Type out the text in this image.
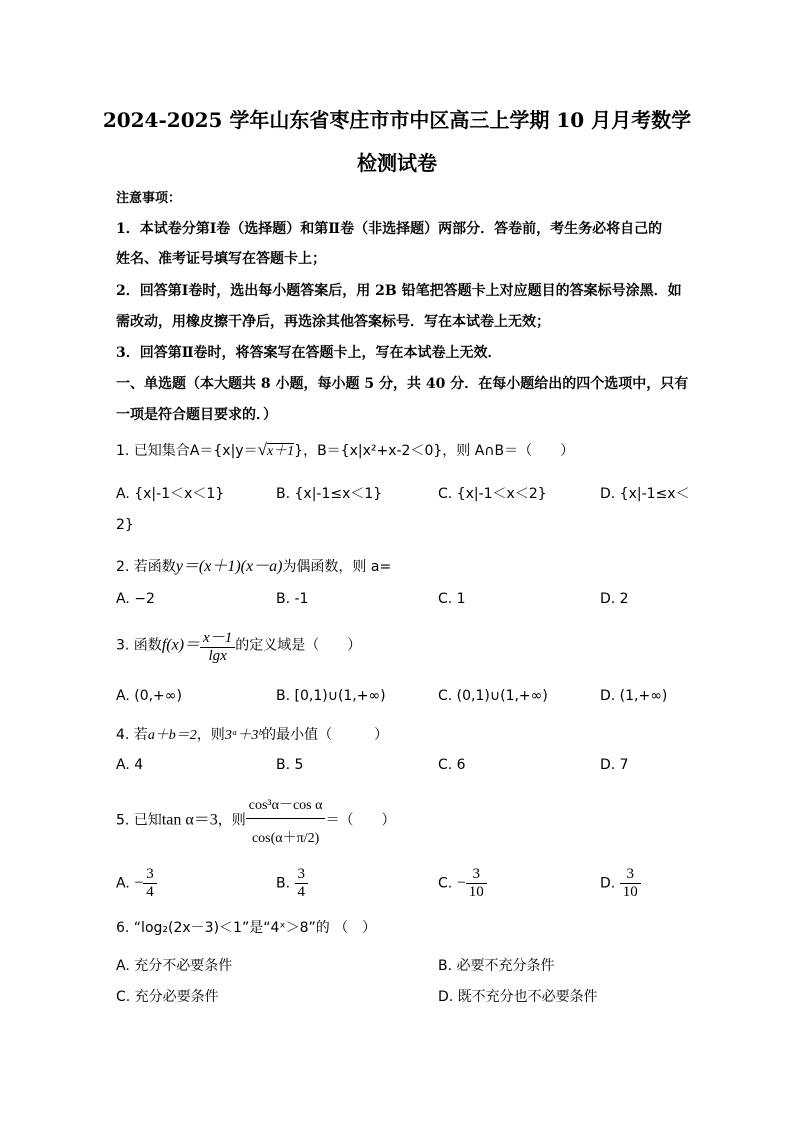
2024-2025 学年山东省枣庄市市中区高三上学期 10 月月考数学
检测试卷
注意事项：
1．本试卷分第Ⅰ卷（选择题）和第Ⅱ卷（非选择题）两部分．答卷前，考生务必将自己的
姓名、准考证号填写在答题卡上；
2．回答第Ⅰ卷时，选出每小题答案后，用 2B 铅笔把答题卡上对应题目的答案标号涂黑．如
需改动，用橡皮擦干净后，再选涂其他答案标号．写在本试卷上无效；
3．回答第Ⅱ卷时，将答案写在答题卡上，写在本试卷上无效．
一、单选题（本大题共 8 小题，每小题 5 分，共 40 分．在每小题给出的四个选项中，只有
一项是符合题目要求的．）
1. 已知集合A＝{x|y＝√x＋1}，B＝{x|x²+x-2＜0}，则 A∩B＝（　　）
A. {x|-1＜x＜1}	B. {x|-1≤x＜1}	C. {x|-1＜x＜2}	D. {x|-1≤x＜
2}
2. 若函数y＝(x＋1)(x－a)为偶函数，则 a=
A. −2	B. -1	C. 1	D. 2
3. 函数$f(x)= \frac{x-1}{\lg x}$ 的定义域是（　　）
A. (0,+∞)	B. [0,1)∪(1,+∞)	C. (0,1)∪(1,+∞)	D. (1,+∞)
4. 若a＋b＝2，则3ᵃ＋3ᵇ的最小值（　　　）
A. 4	B. 5	C. 6	D. 7
5. 已知tan α＝3，则 $\frac{\text{cos³α－cos α}}{\cos(\alpha+\pi/2)}$ ＝（　　）
A. − $\frac{3}{4}$	B. $\frac{3}{4}$	C. − $\frac{3}{10}$	D. $\frac{3}{10}$
6. “log₂(2x－3)＜1”是“4ˣ＞8”的 （　）
A. 充分不必要条件	B. 必要不充分条件
C. 充分必要条件	D. 既不充分也不必要条件
